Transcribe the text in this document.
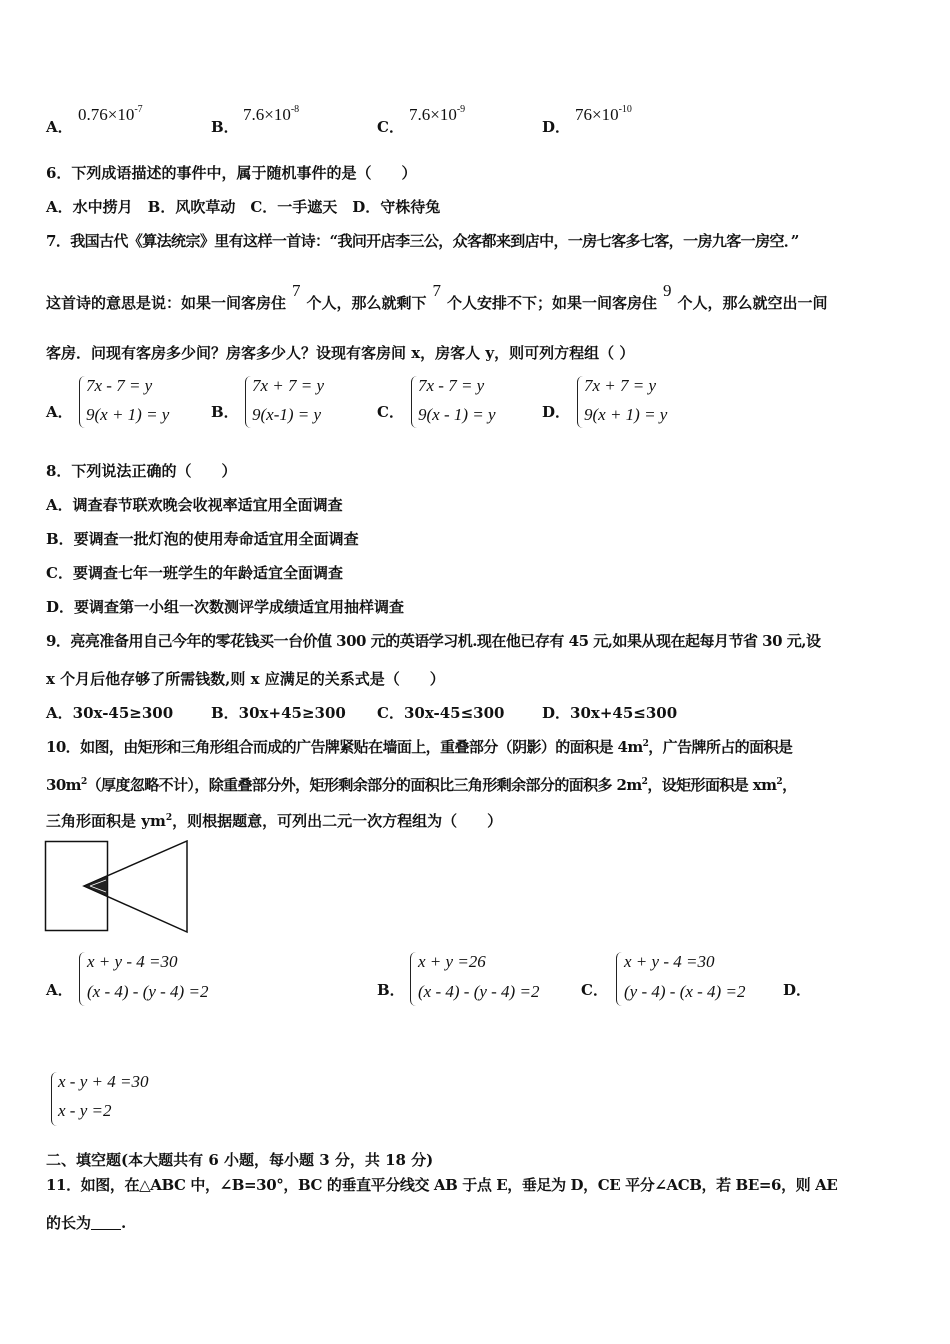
A．
$0.76\times 10^{-7}$
B．
$7.6\times 10^{-8}$
C．
$7.6\times 10^{-9}$
D．
$76\times 10^{-10}$
6．下列成语描述的事件中，属于随机事件的是（　　）
A．水中捞月　B．风吹草动　C．一手遮天　D．守株待兔
7．我国古代《算法统宗》里有这样一首诗：“我问开店李三公，众客都来到店中，一房七客多七客，一房九客一房空．”
这首诗的意思是说：如果一间客房住7个人，那么就剩下7个人安排不下；如果一间客房住9个人，那么就空出一间
客房．问现有客房多少间？房客多少人？设现有客房间 x，房客人 y，则可列方程组（ ）
A．
7x - 7 = y
9(x + 1) = y	B．
7x + 7 = y
9(x-1) = y	C．
7x - 7 = y
9(x - 1) = y	D．
7x + 7 = y
9(x + 1) = y
8．下列说法正确的（　　）
A．调查春节联欢晚会收视率适宜用全面调查
B．要调查一批灯泡的使用寿命适宜用全面调查
C．要调查七年一班学生的年龄适宜全面调查
D．要调查第一小组一次数测评学成绩适宜用抽样调查
9．亮亮准备用自己今年的零花钱买一台价值 300 元的英语学习机.现在他已存有 45 元,如果从现在起每月节省 30 元,设
x 个月后他存够了所需钱数,则 x 应满足的关系式是（　　）
A．30x-45≥300	B．30x+45≥300 C．30x-45≤300	D．30x+45≤300
10．如图，由矩形和三角形组合而成的广告牌紧贴在墙面上，重叠部分（阴影）的面积是 $4m^2$，广告牌所占的面积是
$30m^2$（厚度忽略不计），除重叠部分外，矩形剩余部分的面积比三角形剩余部分的面积多 $2m^2$，设矩形面积是 $xm^2$，
三角形面积是 $ym^2$，则根据题意，可列出二元一次方程组为（　　）
A．
x + y - 4 =30
(x - 4) - (y - 4) =2	B．
x + y =26
(x - 4) - (y - 4) =2	C．
x + y - 4 =30
(y - 4) - (x - 4) =2	D．
x - y + 4 =30
x - y =2
二、填空题(本大题共有 6 小题，每小题 3 分，共 18 分)
11．如图，在△ABC 中，∠B=30°，BC 的垂直平分线交 AB 于点 E，垂足为 D，CE 平分∠ACB，若 BE=6，则 AE
的长为 .
